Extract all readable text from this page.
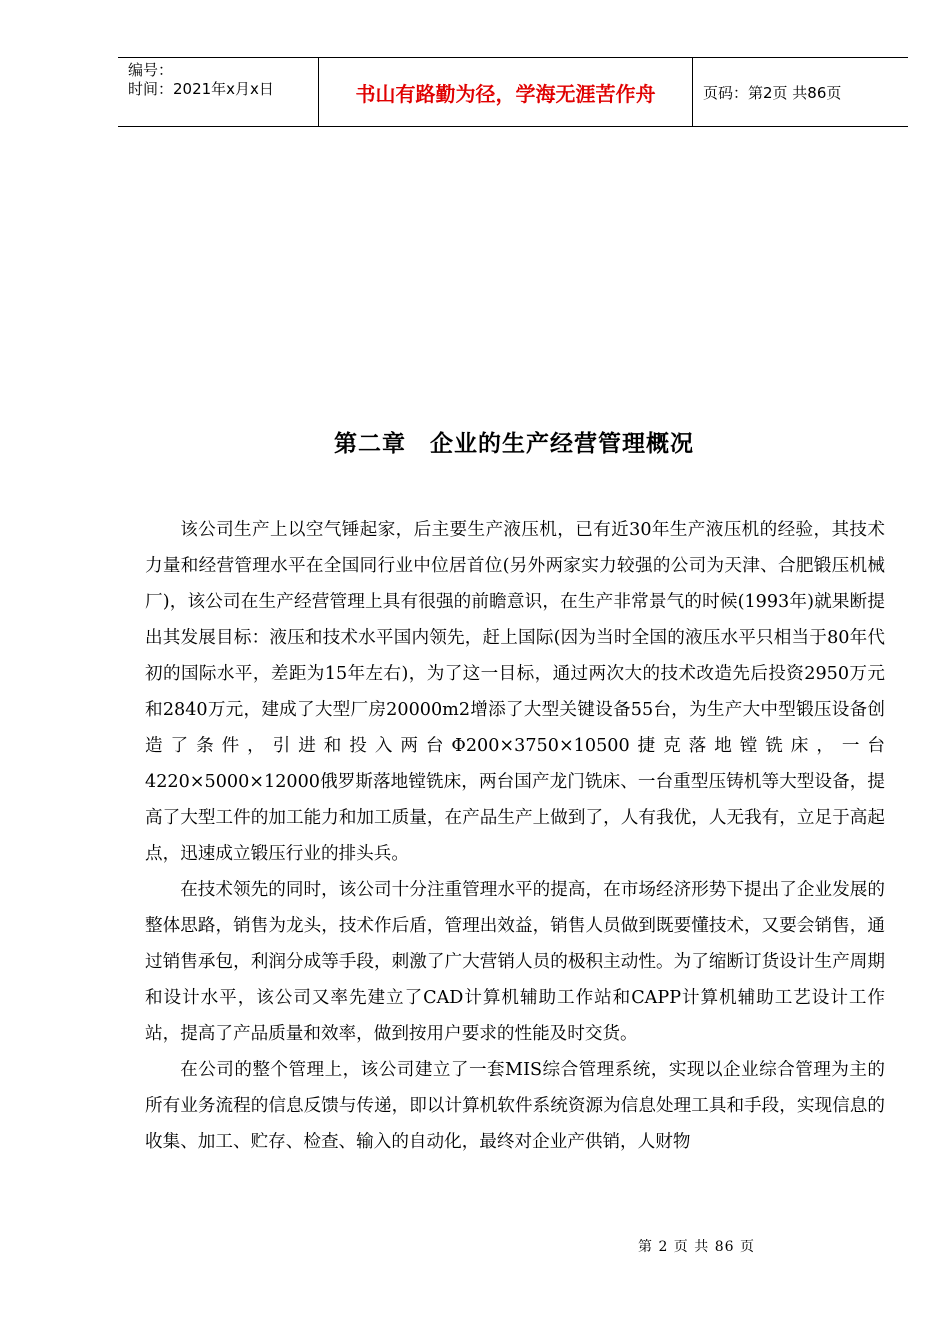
编号：
时间：2021年x月x日	书山有路勤为径，学海无涯苦作舟	页码：第2页 共86页
第二章 企业的生产经营管理概况

该公司生产上以空气锤起家，后主要生产液压机，已有近30年生产液压机的经验，其技术力量和经营管理水平在全国同行业中位居首位(另外两家实力较强的公司为天津、合肥锻压机械厂)，该公司在生产经营管理上具有很强的前瞻意识，在生产非常景气的时候(1993年)就果断提出其发展目标：液压和技术水平国内领先，赶上国际(因为当时全国的液压水平只相当于80年代初的国际水平，差距为15年左右)，为了这一目标，通过两次大的技术改造先后投资2950万元和2840万元，建成了大型厂房20000m2增添了大型关键设备55台，为生产大中型锻压设备创造了条件，引进和投入两台Φ200×3750×10500捷克落地镗铣床，一台4220×5000×12000俄罗斯落地镗铣床，两台国产龙门铣床、一台重型压铸机等大型设备，提高了大型工件的加工能力和加工质量，在产品生产上做到了，人有我优，人无我有，立足于高起点，迅速成立锻压行业的排头兵。

在技术领先的同时，该公司十分注重管理水平的提高，在市场经济形势下提出了企业发展的整体思路，销售为龙头，技术作后盾，管理出效益，销售人员做到既要懂技术，又要会销售，通过销售承包，利润分成等手段，刺激了广大营销人员的极积主动性。为了缩断订货设计生产周期和设计水平，该公司又率先建立了CAD计算机辅助工作站和CAPP计算机辅助工艺设计工作站，提高了产品质量和效率，做到按用户要求的性能及时交货。

在公司的整个管理上，该公司建立了一套MIS综合管理系统，实现以企业综合管理为主的所有业务流程的信息反馈与传递，即以计算机软件系统资源为信息处理工具和手段，实现信息的收集、加工、贮存、检查、输入的自动化，最终对企业产供销，人财物

第 2 页 共 86 页
